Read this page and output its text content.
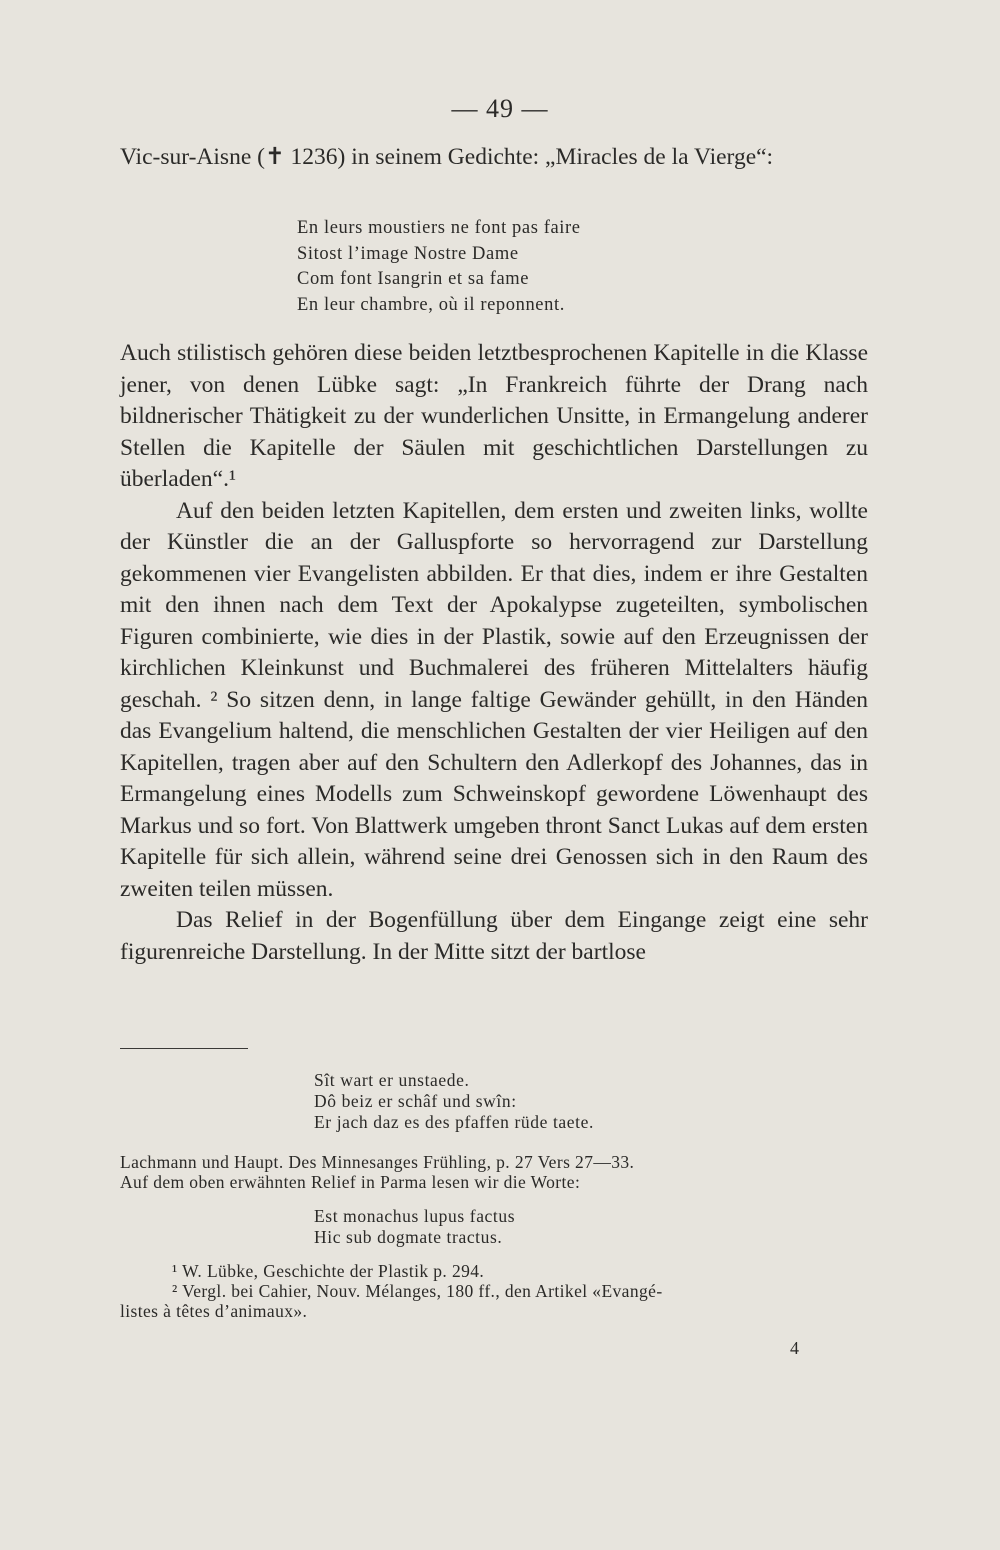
— 49 —

Vic-sur-Aisne (✝ 1236) in seinem Gedichte: „Miracles de la Vierge“:

En leurs moustiers ne font pas faire
Sitost l’image Nostre Dame
Com font Isangrin et sa fame
En leur chambre, où il reponnent.

Auch stilistisch gehören diese beiden letztbesprochenen Kapitelle in die Klasse jener, von denen Lübke sagt: „In Frankreich führte der Drang nach bildnerischer Thätigkeit zu der wunderlichen Unsitte, in Ermangelung anderer Stellen die Kapitelle der Säulen mit geschichtlichen Darstellungen zu überladen“.¹

Auf den beiden letzten Kapitellen, dem ersten und zweiten links, wollte der Künstler die an der Galluspforte so hervorragend zur Darstellung gekommenen vier Evangelisten abbilden. Er that dies, indem er ihre Gestalten mit den ihnen nach dem Text der Apokalypse zugeteilten, symbolischen Figuren combinierte, wie dies in der Plastik, sowie auf den Erzeugnissen der kirchlichen Kleinkunst und Buchmalerei des früheren Mittelalters häufig geschah. ² So sitzen denn, in lange faltige Gewänder gehüllt, in den Händen das Evangelium haltend, die menschlichen Gestalten der vier Heiligen auf den Kapitellen, tragen aber auf den Schultern den Adlerkopf des Johannes, das in Ermangelung eines Modells zum Schweinskopf gewordene Löwenhaupt des Markus und so fort. Von Blattwerk umgeben thront Sanct Lukas auf dem ersten Kapitelle für sich allein, während seine drei Genossen sich in den Raum des zweiten teilen müssen.

Das Relief in der Bogenfüllung über dem Eingange zeigt eine sehr figurenreiche Darstellung. In der Mitte sitzt der bartlose

Sît wart er unstaede.
Dô beiz er schâf und swîn:
Er jach daz es des pfaffen rüde taete.
Lachmann und Haupt. Des Minnesanges Frühling, p. 27 Vers 27—33.
Auf dem oben erwähnten Relief in Parma lesen wir die Worte:
Est monachus lupus factus
Hic sub dogmate tractus.
¹ W. Lübke, Geschichte der Plastik p. 294.
² Vergl. bei Cahier, Nouv. Mélanges, 180 ff., den Artikel «Evangé-
listes à têtes d’animaux».
4
